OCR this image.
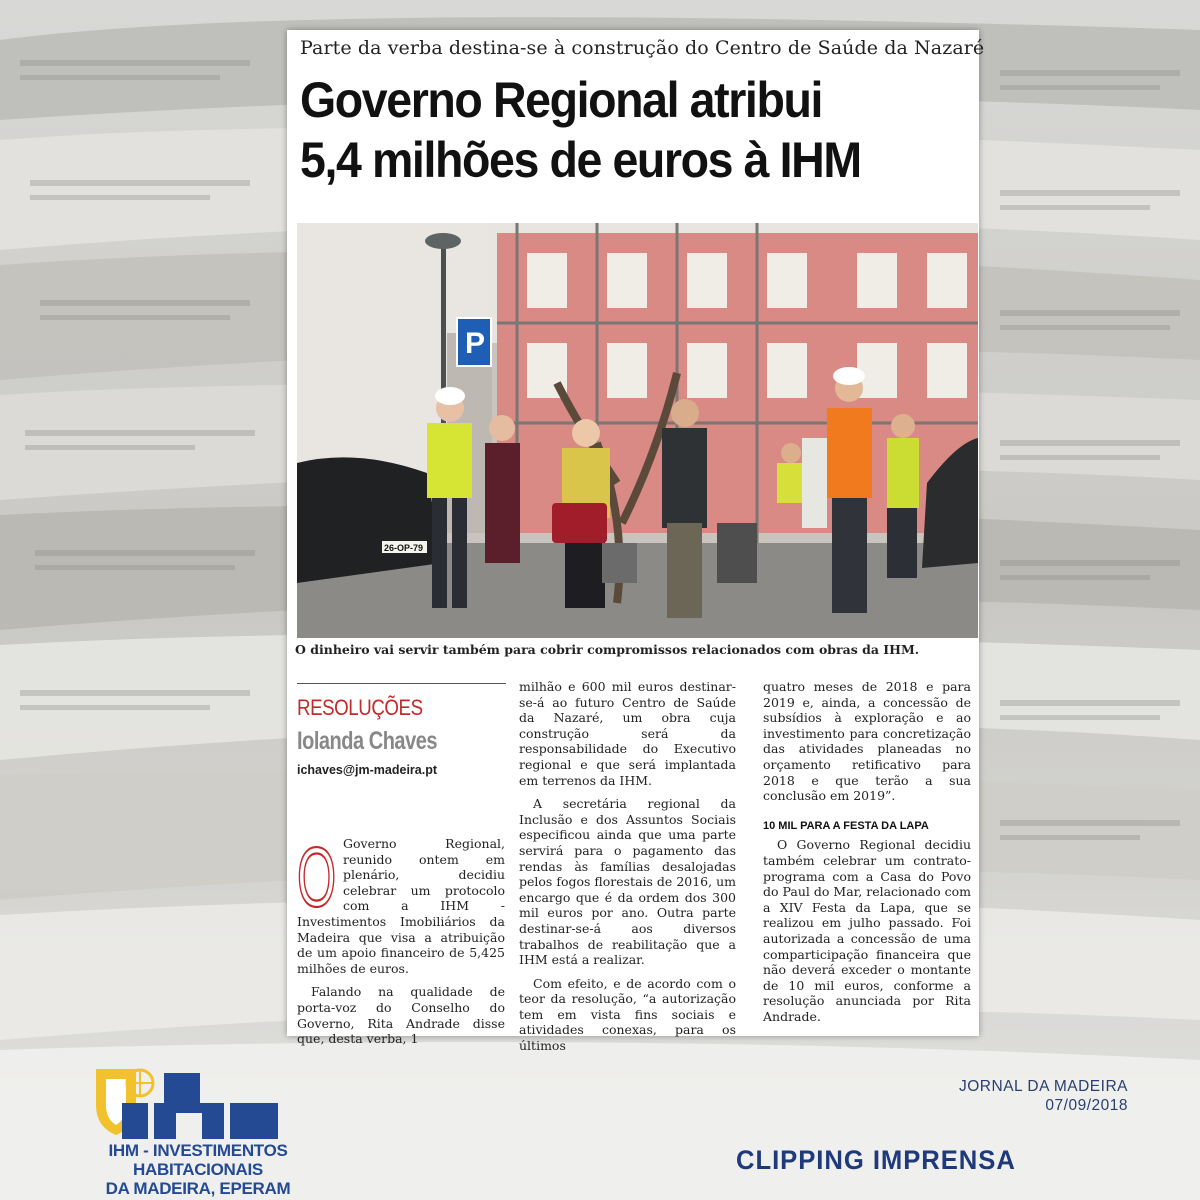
Parte da verba destina-se à construção do Centro de Saúde da Nazaré
Governo Regional atribui
5,4 milhões de euros à IHM
P
26-OP-79
O dinheiro vai servir também para cobrir compromissos relacionados com obras da IHM.
RESOLUÇÕES
Iolanda Chaves
ichaves@jm-madeira.pt
O Governo Regional, reunido ontem em plenário, decidiu celebrar um protocolo com a IHM - Investimentos Imobiliários da Madeira que visa a atribuição de um apoio financeiro de 5,425 milhões de euros.

Falando na qualidade de porta-voz do Conselho do Governo, Rita Andrade disse que, desta verba, 1

milhão e 600 mil euros destinar-se-á ao futuro Centro de Saúde da Nazaré, um obra cuja construção será da responsabilidade do Executivo regional e que será implantada em terrenos da IHM.

A secretária regional da Inclusão e dos Assuntos Sociais especificou ainda que uma parte servirá para o pagamento das rendas às famílias desalojadas pelos fogos florestais de 2016, um encargo que é da ordem dos 300 mil euros por ano. Outra parte destinar-se-á aos diversos trabalhos de reabilitação que a IHM está a realizar.

Com efeito, e de acordo com o teor da resolução, “a autorização tem em vista fins sociais e atividades conexas, para os últimos

quatro meses de 2018 e para 2019 e, ainda, a concessão de subsídios à exploração e ao investimento para concretização das atividades planeadas no orçamento retificativo para 2018 e que terão a sua conclusão em 2019”.

10 MIL PARA A FESTA DA LAPA

O Governo Regional decidiu também celebrar um contrato-programa com a Casa do Povo do Paul do Mar, relacionado com a XIV Festa da Lapa, que se realizou em julho passado. Foi autorizada a concessão de uma comparticipação financeira que não deverá exceder o montante de 10 mil euros, conforme a resolução anunciada por Rita Andrade.

IHM - INVESTIMENTOS HABITACIONAIS
DA MADEIRA, EPERAM
JORNAL DA MADEIRA
07/09/2018
CLIPPING IMPRENSA
